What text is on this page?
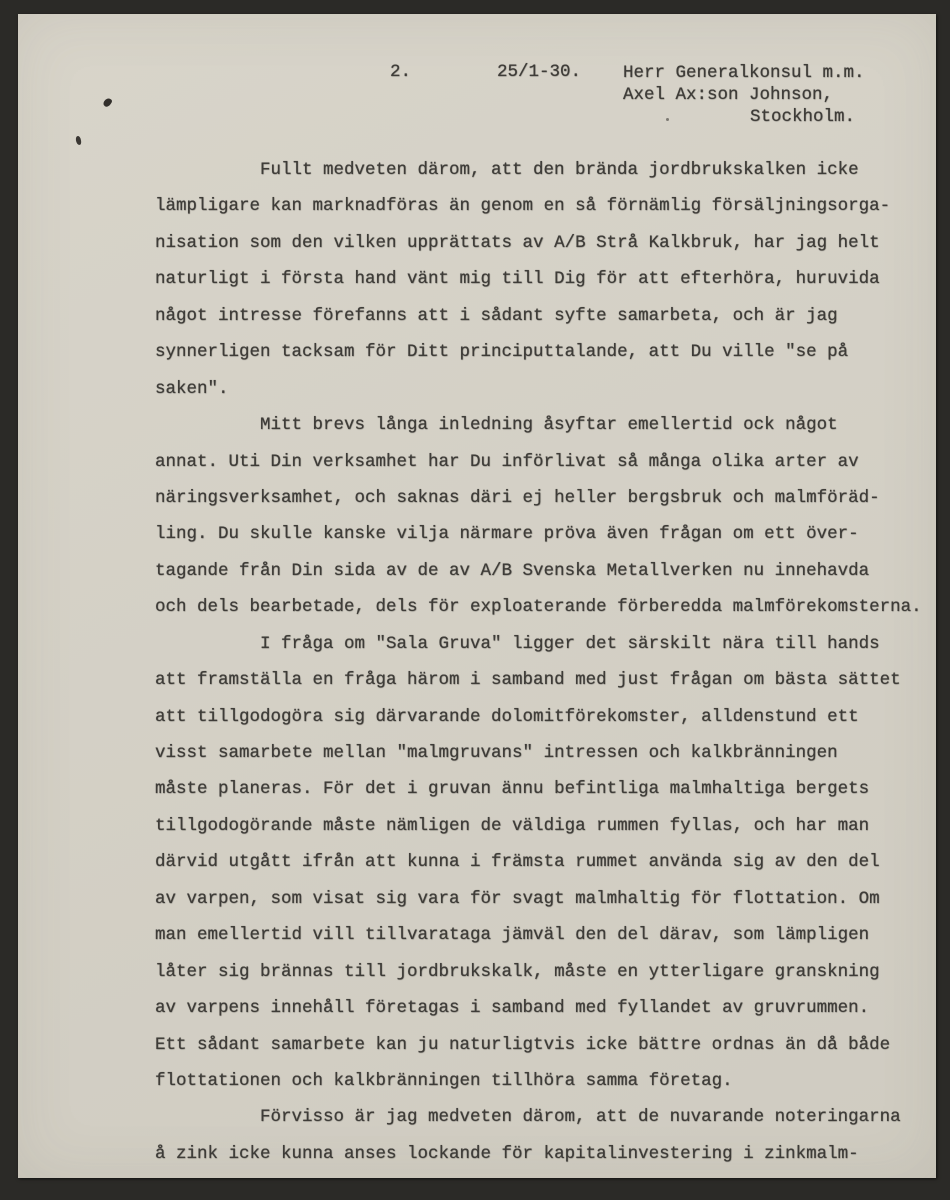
2.	25/1-30. Herr Generalkonsul m.m.
Axel Ax:son Johnson,
Stockholm.
Fullt medveten därom, att den brända jordbrukskalken icke
lämpligare kan marknadföras än genom en så förnämlig försäljningsorga-
nisation som den vilken upprättats av A/B Strå Kalkbruk, har jag helt
naturligt i första hand vänt mig till Dig för att efterhöra, huruvida
något intresse förefanns att i sådant syfte samarbeta, och är jag
synnerligen tacksam för Ditt principuttalande, att Du ville "se på
saken".
Mitt brevs långa inledning åsyftar emellertid ock något
annat. Uti Din verksamhet har Du införlivat så många olika arter av
näringsverksamhet, och saknas däri ej heller bergsbruk och malmföräd-
ling. Du skulle kanske vilja närmare pröva även frågan om ett över-
tagande från Din sida av de av A/B Svenska Metallverken nu innehavda
och dels bearbetade, dels för exploaterande förberedda malmförekomsterna.
I fråga om "Sala Gruva" ligger det särskilt nära till hands
att framställa en fråga härom i samband med just frågan om bästa sättet
att tillgodogöra sig därvarande dolomitförekomster, alldenstund ett
visst samarbete mellan "malmgruvans" intressen och kalkbränningen
måste planeras. För det i gruvan ännu befintliga malmhaltiga bergets
tillgodogörande måste nämligen de väldiga rummen fyllas, och har man
därvid utgått ifrån att kunna i främsta rummet använda sig av den del
av varpen, som visat sig vara för svagt malmhaltig för flottation. Om
man emellertid vill tillvarataga jämväl den del därav, som lämpligen
låter sig brännas till jordbrukskalk, måste en ytterligare granskning
av varpens innehåll företagas i samband med fyllandet av gruvrummen.
Ett sådant samarbete kan ju naturligtvis icke bättre ordnas än då både
flottationen och kalkbränningen tillhöra samma företag.
Förvisso är jag medveten därom, att de nuvarande noteringarna
å zink icke kunna anses lockande för kapitalinvestering i zinkmalm-
